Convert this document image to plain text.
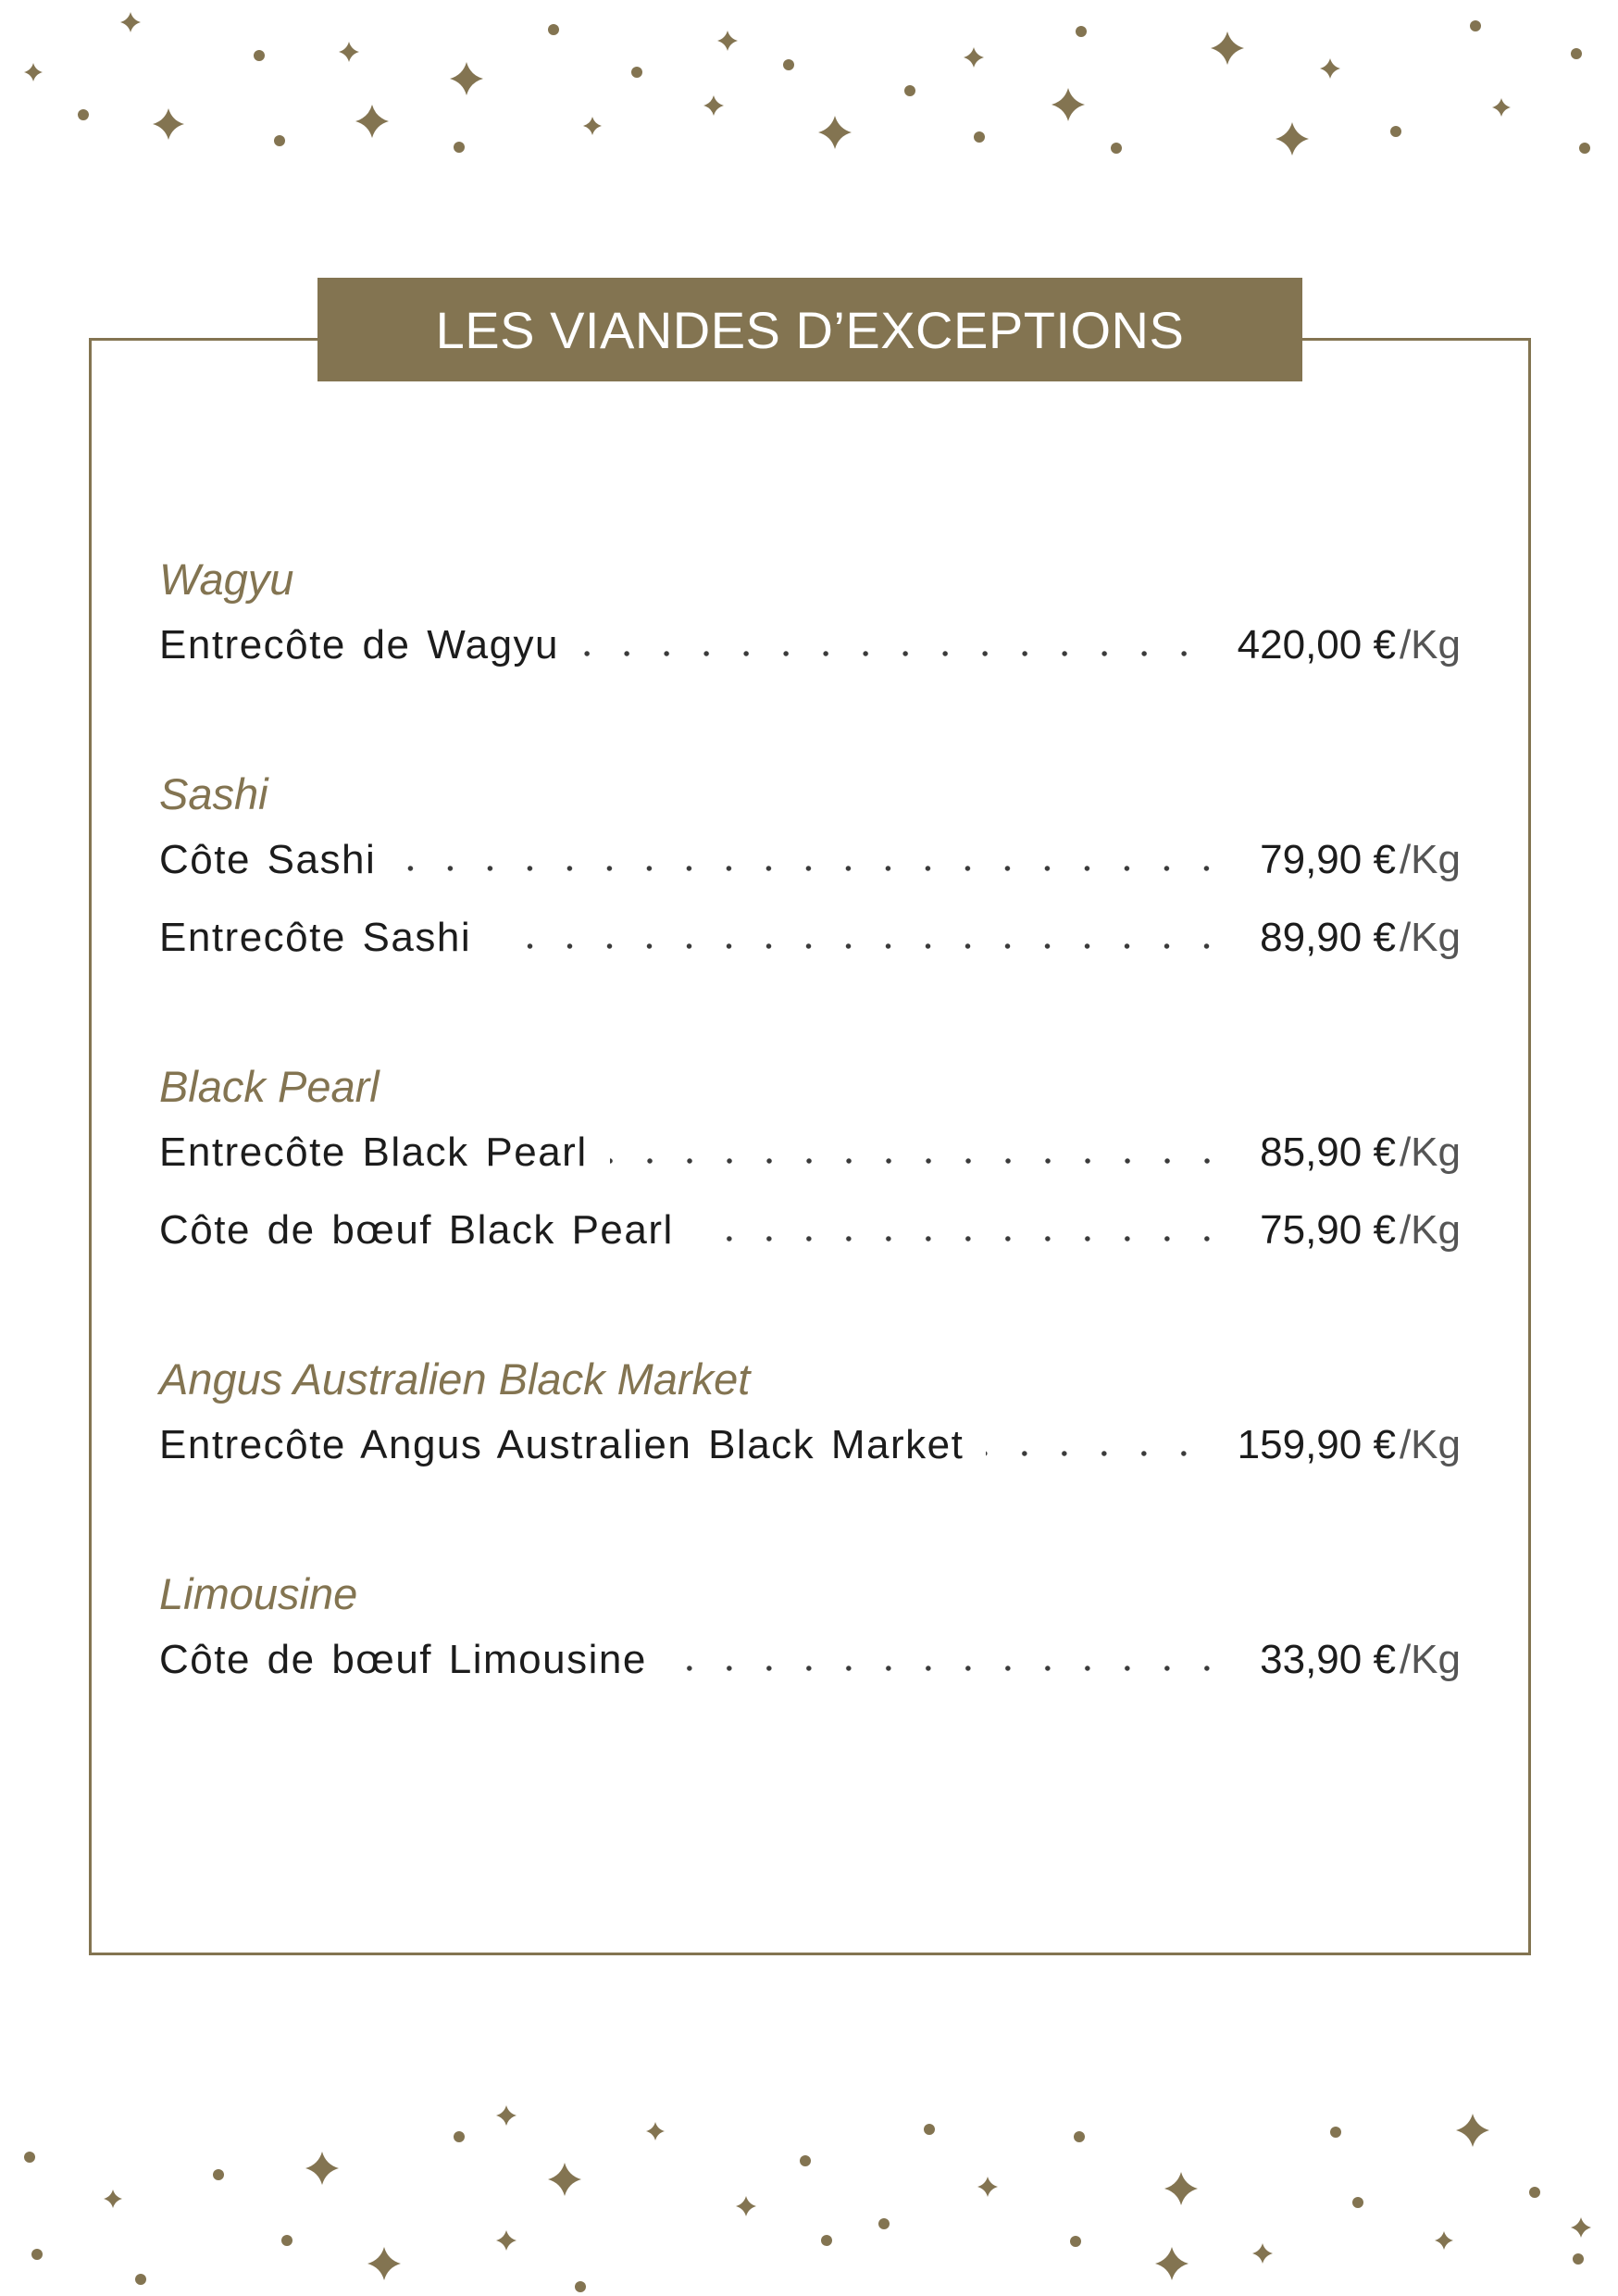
LES VIANDES D’EXCEPTIONS
Wagyu
Entrecôte de Wagyu	420,00 €/Kg
Sashi
Côte Sashi	79,90 €/Kg
Entrecôte Sashi	89,90 €/Kg
Black Pearl
Entrecôte Black Pearl	85,90 €/Kg
Côte de bœuf Black Pearl	75,90 €/Kg
Angus Australien Black Market
Entrecôte Angus Australien Black Market	159,90 €/Kg
Limousine
Côte de bœuf Limousine	33,90 €/Kg
